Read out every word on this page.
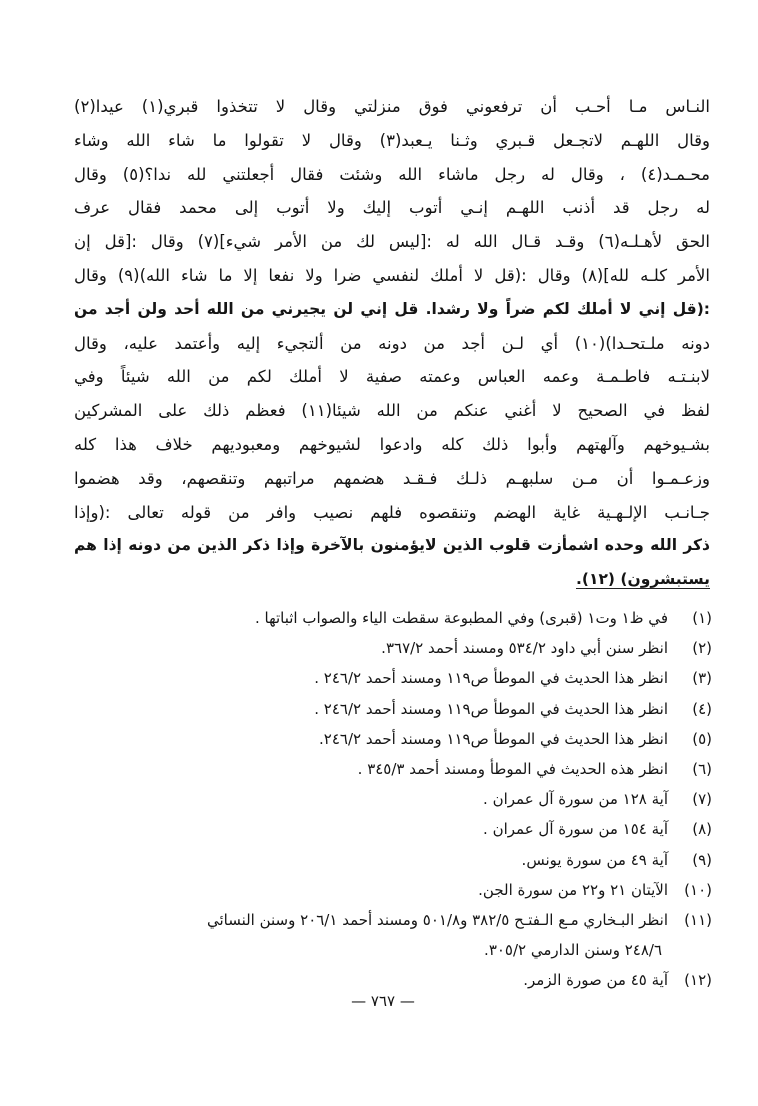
النـاس مـا أحـب أن ترفعوني فوق منزلتي وقال لا تتخذوا قبري(١) عيدا(٢)
وقال اللهـم لاتجـعل قـبري وثـنا يـعبد(٣) وقال لا تقولوا ما شاء الله وشاء
محـمـد(٤) ، وقال له رجل ماشاء الله وشئت فقال أجعلتني لله ندا؟(٥) وقال
له رجل قد أذنب اللهـم إنـي أتوب إليك ولا أتوب إلى محمد فقال عرف
الحق لأهـلـه(٦) وقـد قـال الله له :[ليس لك من الأمر شيء](٧) وقال :[قل إن
الأمر كلـه لله](٨) وقال :(قل لا أملك لنفسي ضرا ولا نفعا إلا ما شاء الله)(٩) وقال
:(قل إني لا أملك لكم ضراً ولا رشدا. قل إني لن يجيرني من الله أحد ولن أجد من
دونه ملـتحـدا)(١٠) أي لـن أجد من دونه من ألتجيء إليه وأعتمد عليه، وقال
لابنـتـه فاطـمـة وعمه العباس وعمته صفية لا أملك لكم من الله شيئاً وفي
لفظ في الصحيح لا أغني عنكم من الله شيئا(١١) فعظم ذلك على المشركين
بشـيوخهم وآلهتهم وأبوا ذلك كله وادعوا لشيوخهم ومعبوديهم خلاف هذا كله
وزعـمـوا أن مـن سلبهـم ذلـك فـقـد هضمهم مراتبهم وتنقصهم، وقد هضموا
جـانـب الإلـهـية غاية الهضم وتنقصوه فلهم نصيب وافر من قوله تعالى :(وإذا
ذكر الله وحده اشمأزت قلوب الذين لايؤمنون بالآخرة وإذا ذكر الذين من دونه إذا هم
يستبشرون) (١٢).
(١)
في ظ١ وت١ (قبرى) وفي المطبوعة سقطت الياء والصواب اثباتها .
(٢)
انظر سنن أبي داود ٥٣٤/٢ ومسند أحمد ٣٦٧/٢.
(٣)
انظر هذا الحديث في الموطأ ص١١٩ ومسند أحمد ٢٤٦/٢ .
(٤)
انظر هذا الحديث في الموطأ ص١١٩ ومسند أحمد ٢٤٦/٢ .
(٥)
انظر هذا الحديث في الموطأ ص١١٩ ومسند أحمد ٢٤٦/٢.
(٦)
انظر هذه الحديث في الموطأ ومسند أحمد ٣٤٥/٣ .
(٧)
آية ١٢٨ من سورة آل عمران .
(٨)
آية ١٥٤ من سورة آل عمران .
(٩)
آية ٤٩ من سورة يونس.
(١٠)
الآيتان ٢١ و٢٢ من سورة الجن.
(١١)
انظر البـخاري مـع الـفتـح ٣٨٢/٥ و٥٠١/٨ ومسند أحمد ٢٠٦/١ وسنن النسائي
٢٤٨/٦ وسنن الدارمي ٣٠٥/٢.
(١٢)
آية ٤٥ من صورة الزمر.
— ٧٦٧ —
